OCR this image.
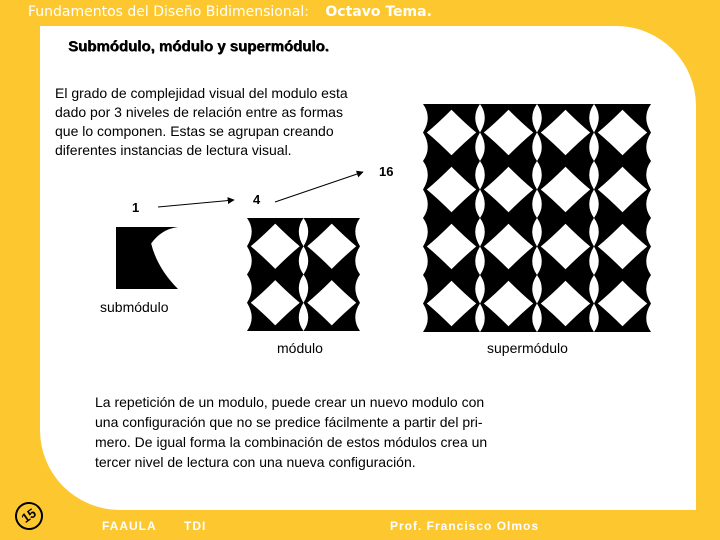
Fundamentos del Diseño Bidimensional: Octavo Tema.
Submódulo, módulo y supermódulo.
El grado de complejidad visual del modulo esta
dado por 3 niveles de relación entre as formas
que lo componen. Estas se agrupan creando
diferentes instancias de lectura visual.
1
4
16
submódulo
módulo	supermódulo
La repetición de un modulo, puede crear un nuevo modulo con
una configuración que no se predice fácilmente a partir del pri-
mero. De igual forma la combinación de estos módulos crea un
tercer nivel de lectura con una nueva configuración.
15
FAAULA TDI	Prof. Francisco Olmos
